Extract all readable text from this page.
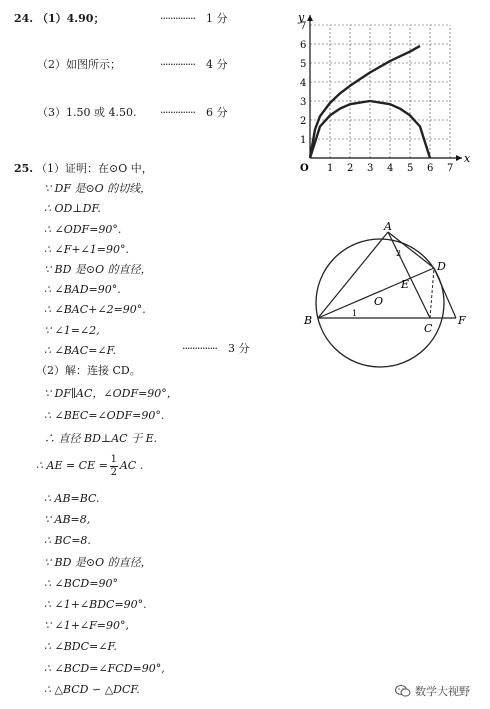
24. （1）4.90；	·············· 1 分
（2）如图所示；	·············· 4 分
（3）1.50 或 4.50. ·············· 6 分
x
y
O 1 2 3 4 5 6 7
1
2
3
4
5
6
7
25. （1）证明：在⊙O 中，
∵ DF 是⊙O 的切线，
∴ OD⊥DF.
∴ ∠ODF=90°.
∴ ∠F+∠1=90°.
∵ BD 是⊙O 的直径，
∴ ∠BAD=90°.
∴ ∠BAC+∠2=90°.
∵ ∠1=∠2,
∴ ∠BAC=∠F.	·············· 3 分
A
B
C
D
E
F
O
1
2
（2）解：连接 CD。
∵ DF∥AC，∠ODF=90°，
∴ ∠BEC=∠ODF=90°.
∴ 直径 BD⊥AC 于 E.
∴ AE = CE = $\frac{1}{2}$ AC .
∴ AB=BC.
∵ AB=8,
∴ BC=8.
∵ BD 是⊙O 的直径，
∴ ∠BCD=90°
∴ ∠1+∠BDC=90°.
∵ ∠1+∠F=90°,
∴ ∠BDC=∠F.
∴ ∠BCD=∠FCD=90°,
∴ △BCD ∽ △DCF.	数学大视野
